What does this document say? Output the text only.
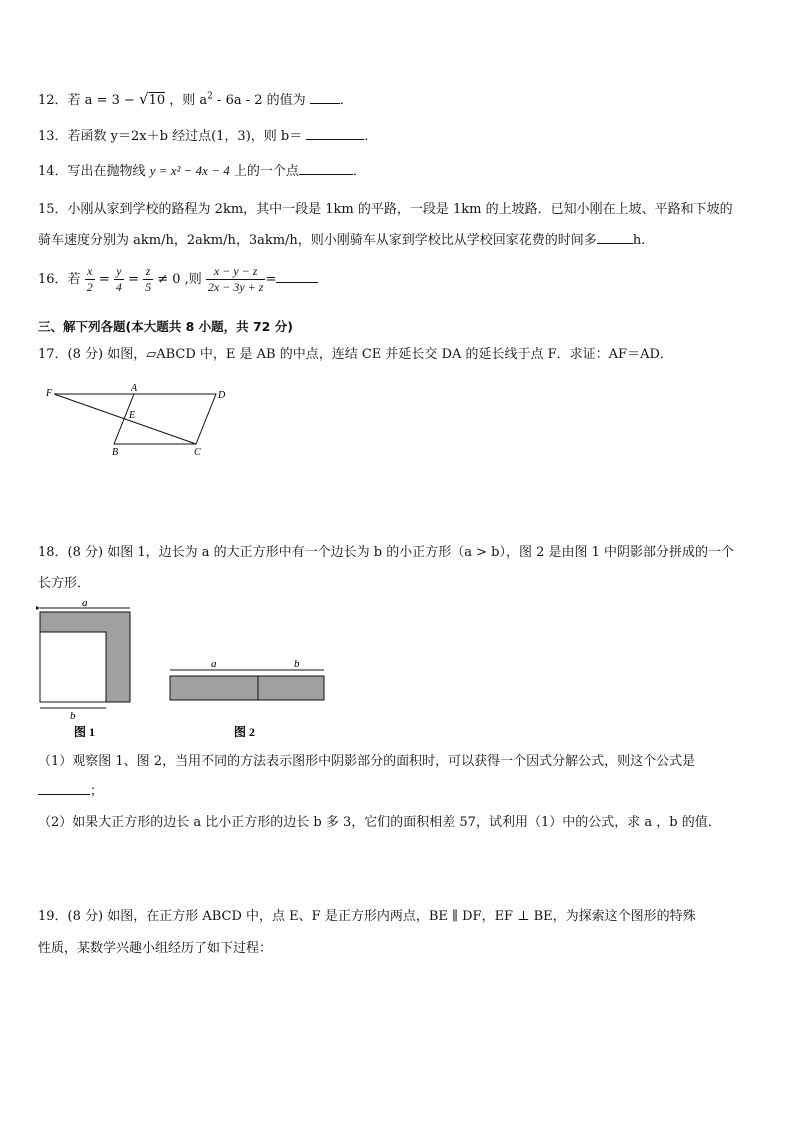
12．若 a = 3 − √10 ，则 $a^2 - 6a - 2$ 的值为	．
13．若函数 y＝2x＋b 经过点(1，3)，则 b＝	．
14．写出在抛物线 y = x² − 4x − 4 上的一个点	．
15．小刚从家到学校的路程为 2km，其中一段是 1km 的平路，一段是 1km 的上坡路．已知小刚在上坡、平路和下坡的
骑车速度分别为 akm/h，2akm/h，3akm/h，则小刚骑车从家到学校比从学校回家花费的时间多	h.
16．若 $\frac{x}{2} = \frac{y}{4} = \frac{z}{5} \ne 0$ ,则 $\frac{x - y - z}{2x - 3y + z}$ =
三、解下列各题(本大题共 8 小题，共 72 分)
17．(8 分) 如图，▱ABCD 中，E 是 AB 的中点，连结 CE 并延长交 DA 的延长线于点 F．求证：AF＝AD．
F	A
D
E
B	C
18．(8 分) 如图 1，边长为 a 的大正方形中有一个边长为 b 的小正方形（a > b），图 2 是由图 1 中阴影部分拼成的一个
长方形．
a
b
图 1
a	b
图 2
（1）观察图 1、图 2，当用不同的方法表示图形中阴影部分的面积时，可以获得一个因式分解公式，则这个公式是
；
（2）如果大正方形的边长 a 比小正方形的边长 b 多 3，它们的面积相差 57，试利用（1）中的公式，求 a ，b 的值．
19．(8 分) 如图，在正方形 ABCD 中，点 E、F 是正方形内两点，BE ∥ DF，EF ⊥ BE，为探索这个图形的特殊
性质，某数学兴趣小组经历了如下过程：
